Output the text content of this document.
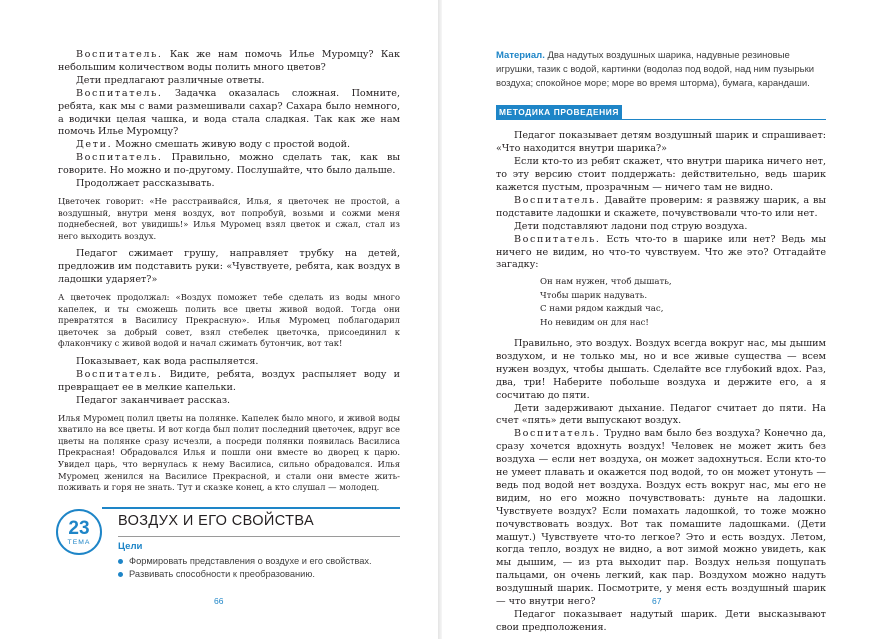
Воспитатель. Как же нам помочь Илье Муромцу? Как небольшим количеством воды полить много цветов?

Дети предлагают различные ответы.

Воспитатель. Задачка оказалась сложная. Помните, ребята, как мы с вами размешивали сахар? Сахара было немного, а водички целая чашка, и вода стала сладкая. Так как же нам помочь Илье Муромцу?

Дети. Можно смешать живую воду с простой водой.

Воспитатель. Правильно, можно сделать так, как вы говорите. Но можно и по-другому. Послушайте, что было дальше.

Продолжает рассказывать.

Цветочек говорит: «Не расстраивайся, Илья, я цветочек не простой, а воздушный, внутри меня воздух, вот попробуй, возьми и сожми меня поднебесней, вот увидишь!» Илья Муромец взял цветок и сжал, стал из него выходить воздух.

Педагог сжимает грушу, направляет трубку на детей, предложив им подставить руки: «Чувствуете, ребята, как воздух в ладошки ударяет?»

А цветочек продолжал: «Воздух поможет тебе сделать из воды много капелек, и ты сможешь полить все цветы живой водой. Тогда они превратятся в Василису Прекрасную». Илья Муромец поблагодарил цветочек за добрый совет, взял стебелек цветочка, присоединил к флакончику с живой водой и начал сжимать бутончик, вот так!

Показывает, как вода распыляется.

Воспитатель. Видите, ребята, воздух распыляет воду и превращает ее в мелкие капельки.

Педагог заканчивает рассказ.

Илья Муромец полил цветы на полянке. Капелек было много, и живой воды хватило на все цветы. И вот когда был полит последний цветочек, вдруг все цветы на полянке сразу исчезли, а посреди полянки появилась Василиса Прекрасная! Обрадовался Илья и пошли они вместе во дворец к царю. Увидел царь, что вернулась к нему Василиса, сильно обрадовался. Илья Муромец женился на Василисе Прекрасной, и стали они вместе жить-поживать и горя не знать. Тут и сказке конец, а кто слушал — молодец.

23
ТЕМА
ВОЗДУХ И ЕГО СВОЙСТВА
Цели
Формировать представления о воздухе и его свойствах.
Развивать способности к преобразованию.
66

Материал. Два надутых воздушных шарика, надувные резиновые игрушки, тазик с водой, картинки (водолаз под водой, над ним пузырьки воздуха; спокойное море; море во время шторма), бумага, карандаши.

МЕТОДИКА ПРОВЕДЕНИЯ

Педагог показывает детям воздушный шарик и спрашивает: «Что находится внутри шарика?»

Если кто-то из ребят скажет, что внутри шарика ничего нет, то эту версию стоит поддержать: действительно, ведь шарик кажется пустым, прозрачным — ничего там не видно.

Воспитатель. Давайте проверим: я развяжу шарик, а вы подставите ладошки и скажете, почувствовали что-то или нет.

Дети подставляют ладони под струю воздуха.

Воспитатель. Есть что-то в шарике или нет? Ведь мы ничего не видим, но что-то чувствуем. Что же это? Отгадайте загадку:

Он нам нужен, чтоб дышать,
Чтобы шарик надувать.
С нами рядом каждый час,
Но невидим он для нас!

Правильно, это воздух. Воздух всегда вокруг нас, мы дышим воздухом, и не только мы, но и все живые существа — всем нужен воздух, чтобы дышать. Сделайте все глубокий вдох. Раз, два, три! Наберите побольше воздуха и держите его, а я сосчитаю до пяти.

Дети задерживают дыхание. Педагог считает до пяти. На счет «пять» дети выпускают воздух.

Воспитатель. Трудно вам было без воздуха? Конечно да, сразу хочется вдохнуть воздух! Человек не может жить без воздуха — если нет воздуха, он может задохнуться. Если кто-то не умеет плавать и окажется под водой, то он может утонуть — ведь под водой нет воздуха. Воздух есть вокруг нас, мы его не видим, но его можно почувствовать: дуньте на ладошки. Чувствуете воздух? Если помахать ладошкой, то тоже можно почувствовать воздух. Вот так помашите ладошками. (Дети машут.) Чувствуете что-то легкое? Это и есть воздух. Летом, когда тепло, воздух не видно, а вот зимой можно увидеть, как мы дышим, — из рта выходит пар. Воздух нельзя пощупать пальцами, он очень легкий, как пар. Воздухом можно надуть воздушный шарик. Посмотрите, у меня есть воздушный шарик — что внутри него?

Педагог показывает надутый шарик. Дети высказывают свои предположения.

67
